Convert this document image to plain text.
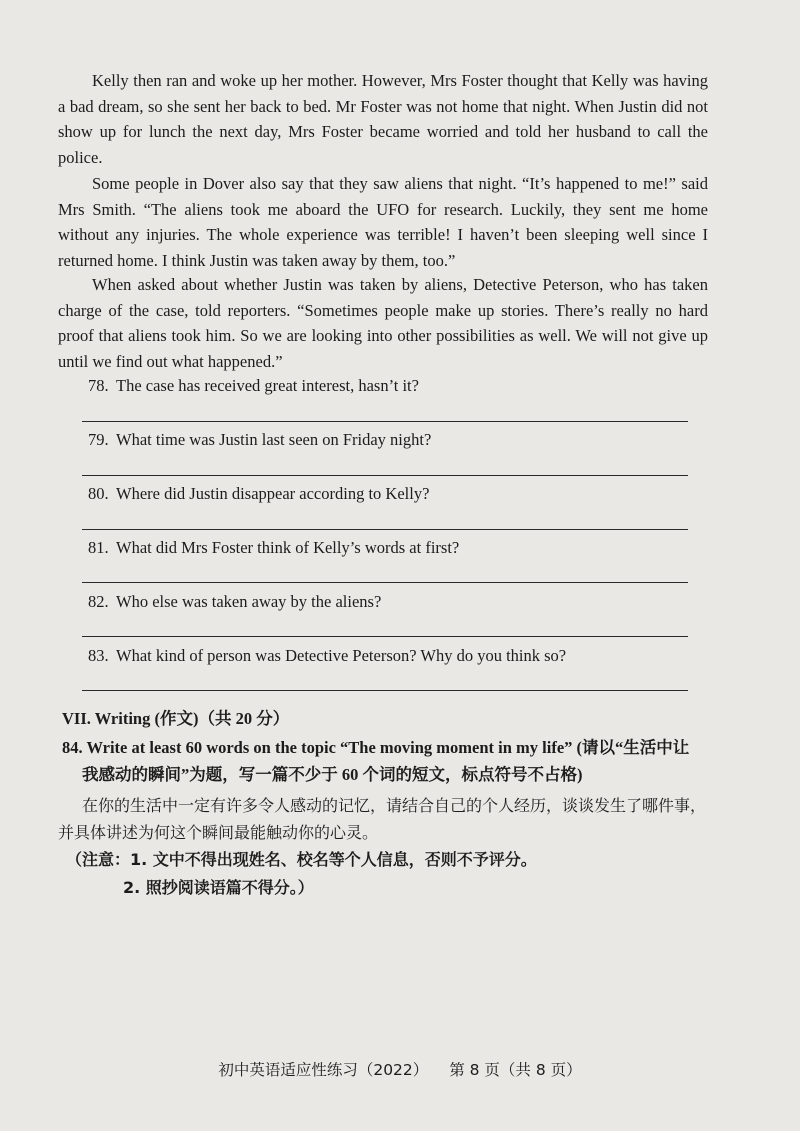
Kelly then ran and woke up her mother. However, Mrs Foster thought that Kelly was having a bad dream, so she sent her back to bed. Mr Foster was not home that night. When Justin did not show up for lunch the next day, Mrs Foster became worried and told her husband to call the police.

Some people in Dover also say that they saw aliens that night. “It’s happened to me!” said Mrs Smith. “The aliens took me aboard the UFO for research. Luckily, they sent me home without any injuries. The whole experience was terrible! I haven’t been sleeping well since I returned home. I think Justin was taken away by them, too.”

When asked about whether Justin was taken by aliens, Detective Peterson, who has taken charge of the case, told reporters. “Sometimes people make up stories. There’s really no hard proof that aliens took him. So we are looking into other possibilities as well. We will not give up until we find out what happened.”

78. The case has received great interest, hasn’t it?

79. What time was Justin last seen on Friday night?

80. Where did Justin disappear according to Kelly?

81. What did Mrs Foster think of Kelly’s words at first?

82. Who else was taken away by the aliens?

83. What kind of person was Detective Peterson? Why do you think so?

VII. Writing (作文)（共 20 分）

84. Write at least 60 words on the topic “The moving moment in my life” (请以“生活中让
我感动的瞬间”为题，写一篇不少于 60 个词的短文，标点符号不占格)

在你的生活中一定有许多令人感动的记忆，请结合自己的个人经历，谈谈发生了哪件事，并具体讲述为何这个瞬间最能触动你的心灵。

（注意：1. 文中不得出现姓名、校名等个人信息，否则不予评分。

2. 照抄阅读语篇不得分。）

初中英语适应性练习（2022） 第 8 页（共 8 页）
